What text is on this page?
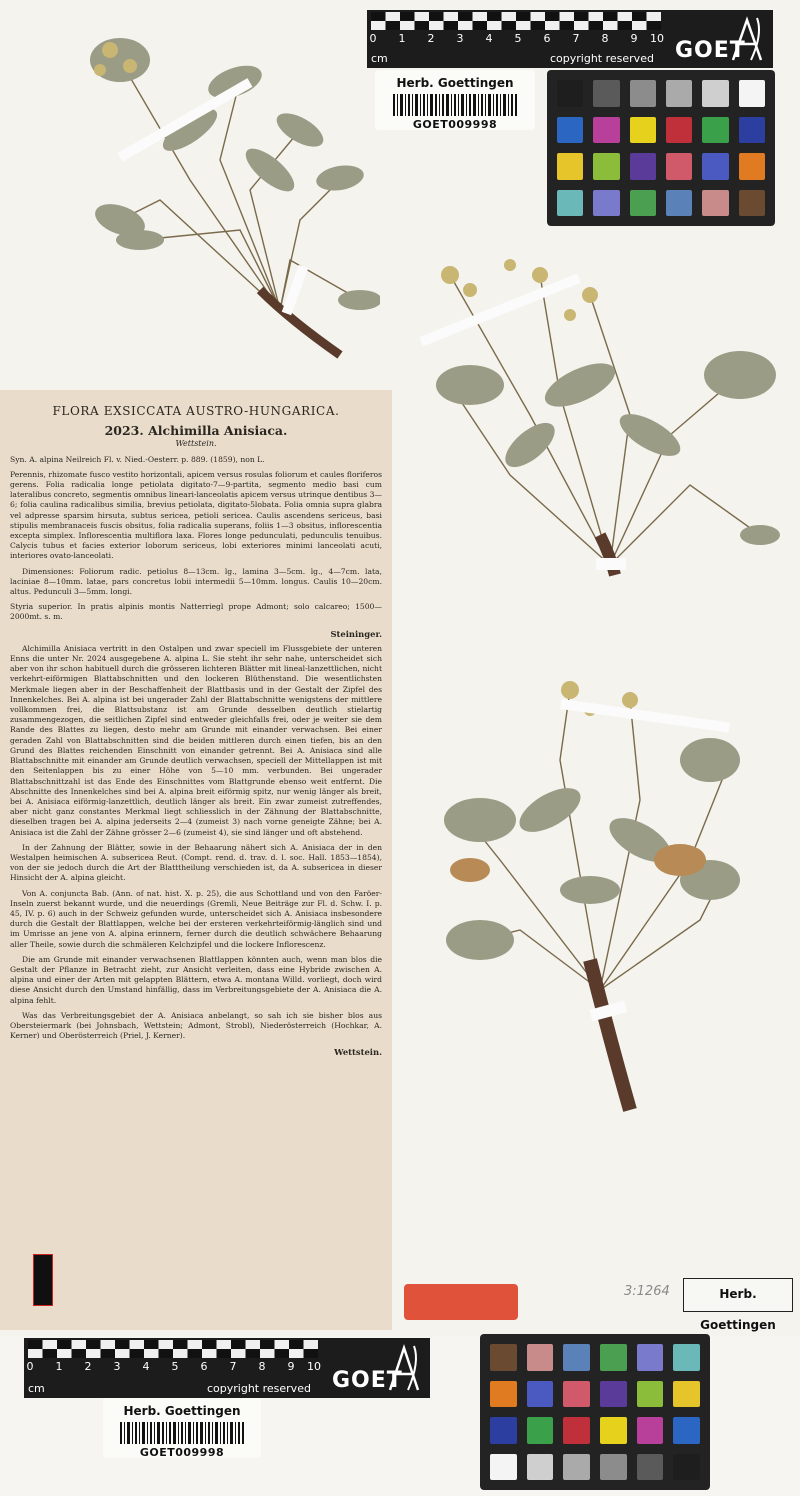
FLORA EXSICCATA AUSTRO-HUNGARICA.
2023. Alchimilla Anisiaca.
Wettstein.

Syn. A. alpina Neilreich Fl. v. Nied.-Oesterr. p. 889. (1859), non L.

Perennis, rhizomate fusco vestito horizontali, apicem versus rosulas foliorum et caules floriferos gerens. Folia radicalia longe petiolata digitato-7—9-partita, segmento medio basi cum lateralibus concreto, segmentis omnibus lineari-lanceolatis apicem versus utrinque dentibus 3—6; folia caulina radicalibus similia, brevius petiolata, digitato-5lobata. Folia omnia supra glabra vel adpresse sparsim hirsuta, subtus sericea, petioli sericea. Caulis ascendens sericeus, basi stipulis membranaceis fuscis obsitus, folia radicalia superans, foliis 1—3 obsitus, inflorescentia excepta simplex. Inflorescentia multiflora laxa. Flores longe pedunculati, pedunculis tenuibus. Calycis tubus et facies exterior loborum sericeus, lobi exteriores minimi lanceolati acuti, interiores ovato-lanceolati.

Dimensiones: Foliorum radic. petiolus 8—13cm. lg., lamina 3—5cm. lg., 4—7cm. lata, laciniae 8—10mm. latae, pars concretus lobii intermedii 5—10mm. longus. Caulis 10—20cm. altus. Pedunculi 3—5mm. longi.

Styria superior. In pratis alpinis montis Natterriegl prope Admont; solo calcareo; 1500—2000mt. s. m.

Steininger.

Alchimilla Anisiaca vertritt in den Ostalpen und zwar speciell im Flussgebiete der unteren Enns die unter Nr. 2024 ausgegebene A. alpina L. Sie steht ihr sehr nahe, unterscheidet sich aber von ihr schon habituell durch die grösseren lichteren Blätter mit lineal-lanzettlichen, nicht verkehrt-eiförmigen Blattabschnitten und den lockeren Blüthenstand. Die wesentlichsten Merkmale liegen aber in der Beschaffenheit der Blattbasis und in der Gestalt der Zipfel des Innenkelches. Bei A. alpina ist bei ungerader Zahl der Blattabschnitte wenigstens der mittlere vollkommen frei, die Blattsubstanz ist am Grunde desselben deutlich stielartig zusammengezogen, die seitlichen Zipfel sind entweder gleichfalls frei, oder je weiter sie dem Rande des Blattes zu liegen, desto mehr am Grunde mit einander verwachsen. Bei einer geraden Zahl von Blattabschnitten sind die beiden mittleren durch einen tiefen, bis an den Grund des Blattes reichenden Einschnitt von einander getrennt. Bei A. Anisiaca sind alle Blattabschnitte mit einander am Grunde deutlich verwachsen, speciell der Mittellappen ist mit den Seitenlappen bis zu einer Höhe von 5—10 mm. verbunden. Bei ungerader Blattabschnittzahl ist das Ende des Einschnittes vom Blattgrunde ebenso weit entfernt. Die Abschnitte des Innenkelches sind bei A. alpina breit eiförmig spitz, nur wenig länger als breit, bei A. Anisiaca eiförmig-lanzettlich, deutlich länger als breit. Ein zwar zumeist zutreffendes, aber nicht ganz constantes Merkmal liegt schliesslich in der Zähnung der Blattabschnitte, dieselben tragen bei A. alpina jederseits 2—4 (zumeist 3) nach vorne geneigte Zähne; bei A. Anisiaca ist die Zahl der Zähne grösser 2—6 (zumeist 4), sie sind länger und oft abstehend.

In der Zahnung der Blätter, sowie in der Behaarung nähert sich A. Anisiaca der in den Westalpen heimischen A. subsericea Reut. (Compt. rend. d. trav. d. l. soc. Hall. 1853—1854), von der sie jedoch durch die Art der Blatttheilung verschieden ist, da A. subsericea in dieser Hinsicht der A. alpina gleicht.

Von A. conjuncta Bab. (Ann. of nat. hist. X. p. 25), die aus Schottland und von den Faröer-Inseln zuerst bekannt wurde, und die neuerdings (Gremli, Neue Beiträge zur Fl. d. Schw. I. p. 45, IV. p. 6) auch in der Schweiz gefunden wurde, unterscheidet sich A. Anisiaca insbesondere durch die Gestalt der Blattlappen, welche bei der ersteren verkehrteiförmig-länglich sind und im Umrisse an jene von A. alpina erinnern, ferner durch die deutlich schwächere Behaarung aller Theile, sowie durch die schmäleren Kelchzipfel und die lockere Inflorescenz.

Die am Grunde mit einander verwachsenen Blattlappen könnten auch, wenn man blos die Gestalt der Pflanze in Betracht zieht, zur Ansicht verleiten, dass eine Hybride zwischen A. alpina und einer der Arten mit gelappten Blättern, etwa A. montana Willd. vorliegt, doch wird diese Ansicht durch den Umstand hinfällig, dass im Verbreitungsgebiete der A. Anisiaca die A. alpina fehlt.

Was das Verbreitungsgebiet der A. Anisiaca anbelangt, so sah ich sie bisher blos aus Obersteiermark (bei Johnsbach, Wettstein; Admont, Strobl), Niederösterreich (Hochkar, A. Kerner) und Oberösterreich (Priel, J. Kerner).

Wettstein.
0 1 2 3 4 5 6 7 8 9 10
cm	copyright reserved GOET
Herb. Goettingen
GOET009998
3:1264	Herb. Goettingen
0 1 2 3 4 5 6 7 8 9 10
cm	copyright reserved GOET
Herb. Goettingen
GOET009998
